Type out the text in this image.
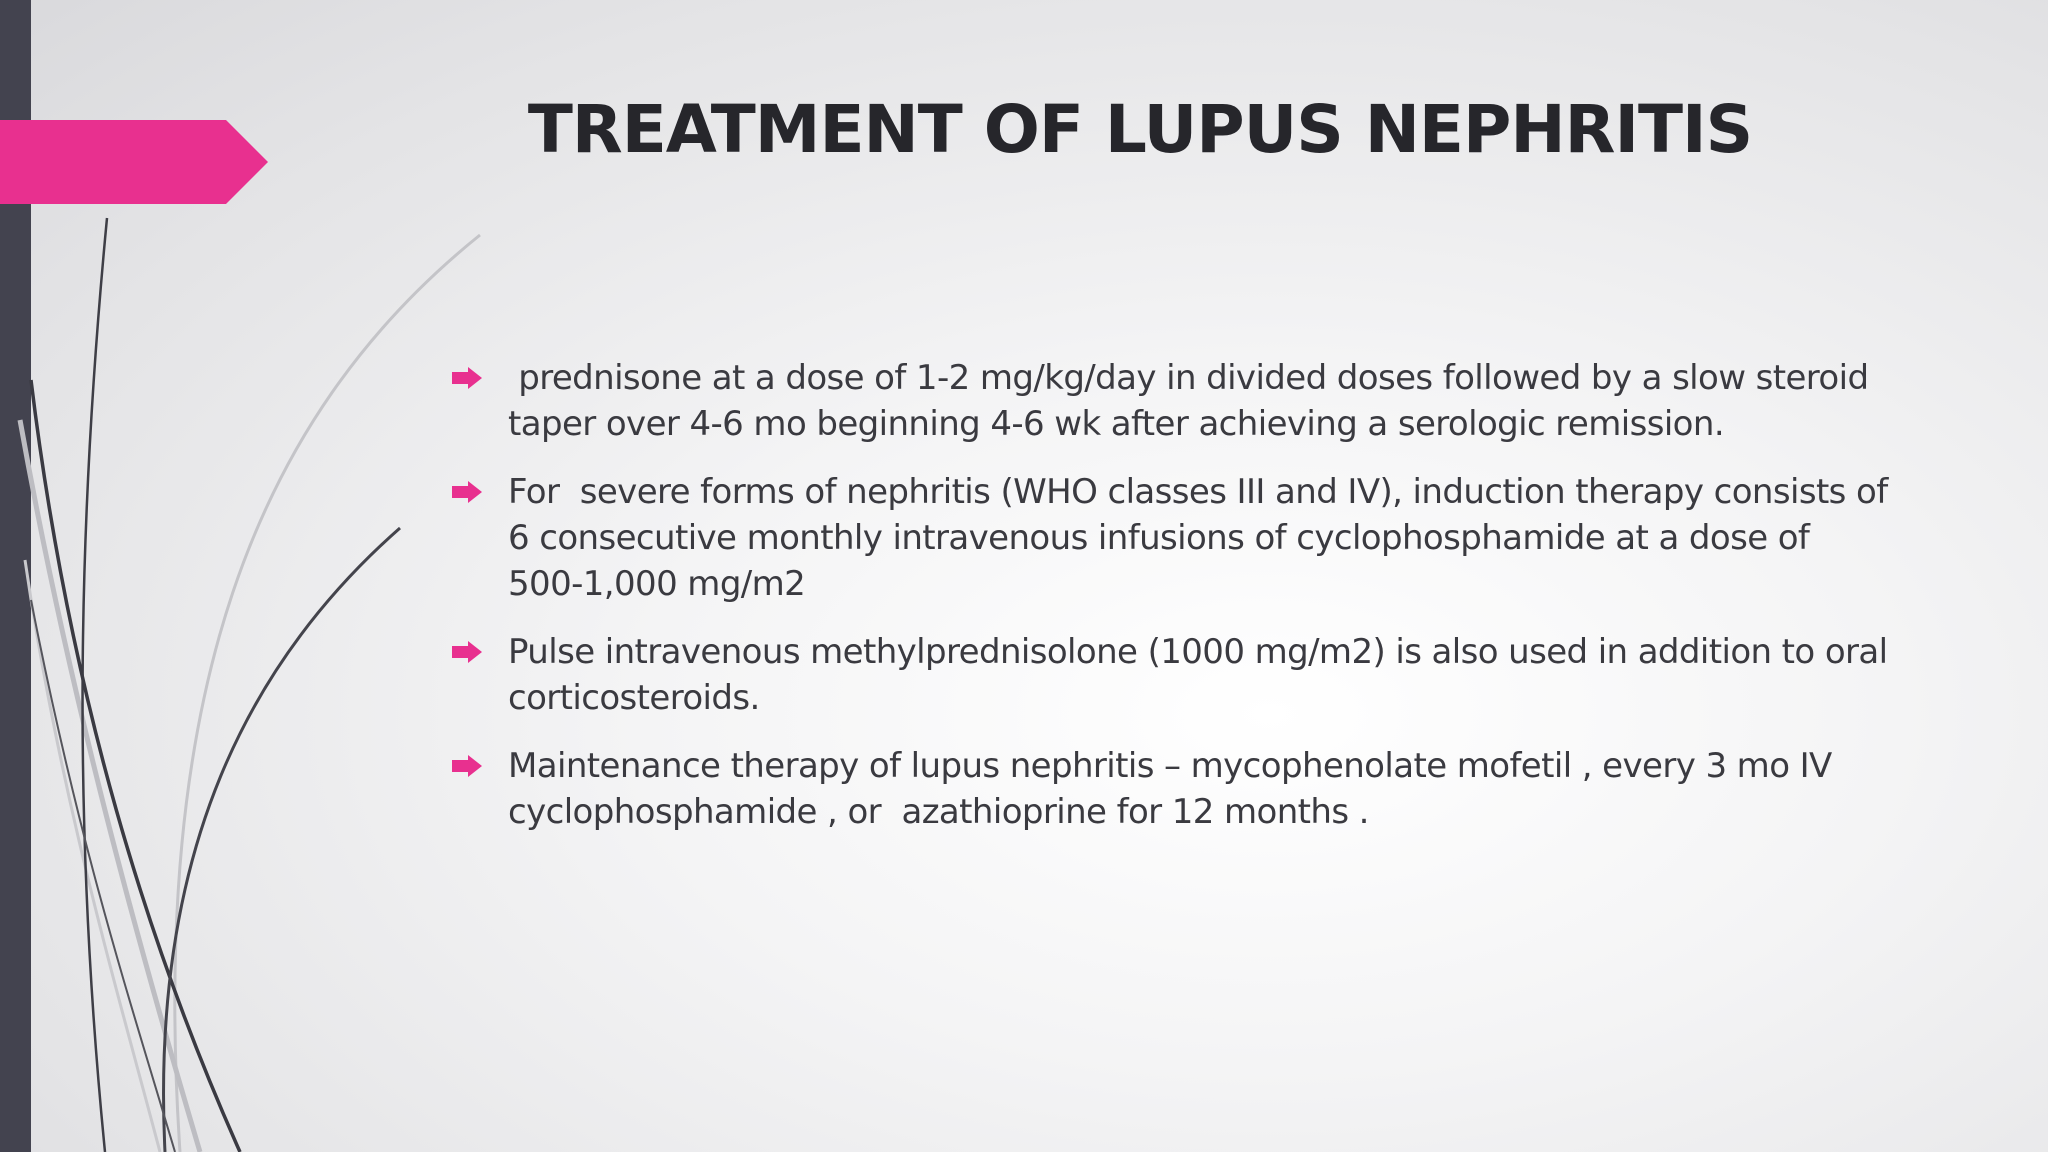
TREATMENT OF LUPUS NEPHRITIS
prednisone at a dose of 1-2 mg/kg/day in divided doses followed by a slow steroid taper over 4-6 mo beginning 4-6 wk after achieving a serologic remission.
For  severe forms of nephritis (WHO classes III and IV), induction therapy consists of 6 consecutive monthly intravenous infusions of cyclophosphamide at a dose of 500-1,000 mg/m2
Pulse intravenous methylprednisolone (1000 mg/m2) is also used in addition to oral corticosteroids.
Maintenance therapy of lupus nephritis – mycophenolate mofetil , every 3 mo IV cyclophosphamide , or  azathioprine for 12 months .
